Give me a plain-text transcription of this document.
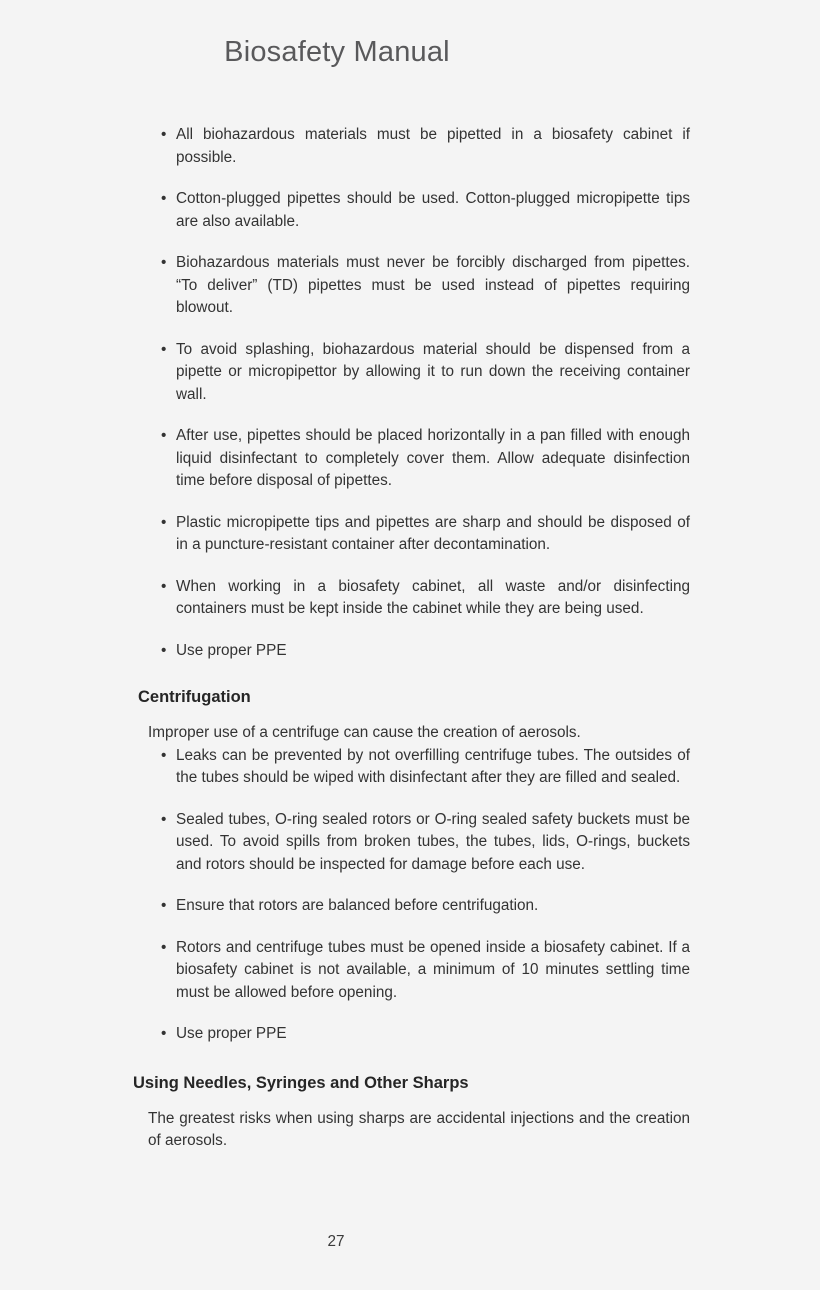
Biosafety Manual
• All biohazardous materials must be pipetted in a biosafety cabinet if possible.
• Cotton-plugged pipettes should be used. Cotton-plugged micropipette tips are also available.
• Biohazardous materials must never be forcibly discharged from pipettes. “To deliver” (TD) pipettes must be used instead of pipettes requiring blowout.
• To avoid splashing, biohazardous material should be dispensed from a pipette or micropipettor by allowing it to run down the receiving container wall.
• After use, pipettes should be placed horizontally in a pan filled with enough liquid disinfectant to completely cover them. Allow adequate disinfection time before disposal of pipettes.
• Plastic micropipette tips and pipettes are sharp and should be disposed of in a puncture-resistant container after decontamination.
• When working in a biosafety cabinet, all waste and/or disinfecting containers must be kept inside the cabinet while they are being used.
• Use proper PPE
Centrifugation
Improper use of a centrifuge can cause the creation of aerosols.
• Leaks can be prevented by not overfilling centrifuge tubes. The outsides of the tubes should be wiped with disinfectant after they are filled and sealed.
• Sealed tubes, O-ring sealed rotors or O-ring sealed safety buckets must be used. To avoid spills from broken tubes, the tubes, lids, O-rings, buckets and rotors should be inspected for damage before each use.
• Ensure that rotors are balanced before centrifugation.
• Rotors and centrifuge tubes must be opened inside a biosafety cabinet. If a biosafety cabinet is not available, a minimum of 10 minutes settling time must be allowed before opening.
• Use proper PPE
Using Needles, Syringes and Other Sharps
The greatest risks when using sharps are accidental injections and the creation of aerosols.
27
